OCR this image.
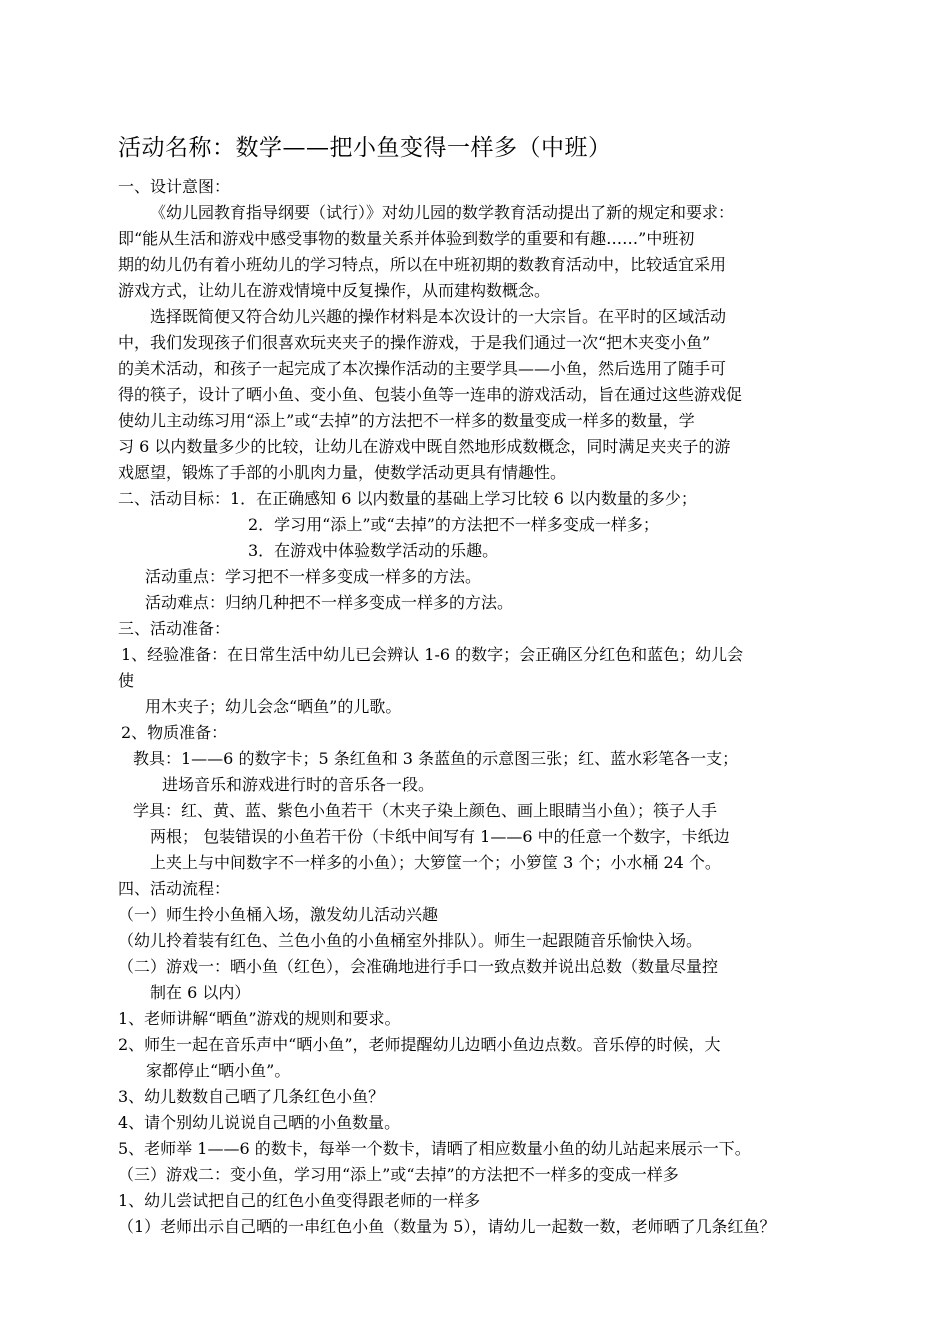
活动名称：数学——把小鱼变得一样多（中班）
一、设计意图：
《幼儿园教育指导纲要（试行）》对幼儿园的数学教育活动提出了新的规定和要求：
即“能从生活和游戏中感受事物的数量关系并体验到数学的重要和有趣……”中班初
期的幼儿仍有着小班幼儿的学习特点，所以在中班初期的数教育活动中，比较适宜采用
游戏方式，让幼儿在游戏情境中反复操作，从而建构数概念。
选择既简便又符合幼儿兴趣的操作材料是本次设计的一大宗旨。在平时的区域活动
中，我们发现孩子们很喜欢玩夹夹子的操作游戏，于是我们通过一次“把木夹变小鱼”
的美术活动，和孩子一起完成了本次操作活动的主要学具——小鱼，然后选用了随手可
得的筷子，设计了晒小鱼、变小鱼、包装小鱼等一连串的游戏活动，旨在通过这些游戏促
使幼儿主动练习用“添上”或“去掉”的方法把不一样多的数量变成一样多的数量，学
习 6 以内数量多少的比较，让幼儿在游戏中既自然地形成数概念，同时满足夹夹子的游
戏愿望，锻炼了手部的小肌肉力量，使数学活动更具有情趣性。
二、活动目标：1．在正确感知 6 以内数量的基础上学习比较 6 以内数量的多少；
2．学习用“添上”或“去掉”的方法把不一样多变成一样多；
3．在游戏中体验数学活动的乐趣。
活动重点：学习把不一样多变成一样多的方法。
活动难点：归纳几种把不一样多变成一样多的方法。
三、活动准备：
1、经验准备：在日常生活中幼儿已会辨认 1-6 的数字；会正确区分红色和蓝色；幼儿会
使
用木夹子；幼儿会念“晒鱼”的儿歌。
2、物质准备：
教具：1——6 的数字卡；5 条红鱼和 3 条蓝鱼的示意图三张；红、蓝水彩笔各一支；
进场音乐和游戏进行时的音乐各一段。
学具：红、黄、蓝、紫色小鱼若干（木夹子染上颜色、画上眼睛当小鱼）；筷子人手
两根； 包装错误的小鱼若干份（卡纸中间写有 1——6 中的任意一个数字，卡纸边
上夹上与中间数字不一样多的小鱼）；大箩筐一个；小箩筐 3 个；小水桶 24 个。
四、活动流程：
（一）师生拎小鱼桶入场，激发幼儿活动兴趣
（幼儿拎着装有红色、兰色小鱼的小鱼桶室外排队）。师生一起跟随音乐愉快入场。
（二）游戏一：晒小鱼（红色），会准确地进行手口一致点数并说出总数（数量尽量控
制在 6 以内）
1、老师讲解“晒鱼”游戏的规则和要求。
2、师生一起在音乐声中“晒小鱼”，老师提醒幼儿边晒小鱼边点数。音乐停的时候，大
家都停止“晒小鱼”。
3、幼儿数数自己晒了几条红色小鱼？
4、请个别幼儿说说自己晒的小鱼数量。
5、老师举 1——6 的数卡，每举一个数卡，请晒了相应数量小鱼的幼儿站起来展示一下。
（三）游戏二：变小鱼，学习用“添上”或“去掉”的方法把不一样多的变成一样多
1、幼儿尝试把自己的红色小鱼变得跟老师的一样多
（1）老师出示自己晒的一串红色小鱼（数量为 5），请幼儿一起数一数，老师晒了几条红鱼？
